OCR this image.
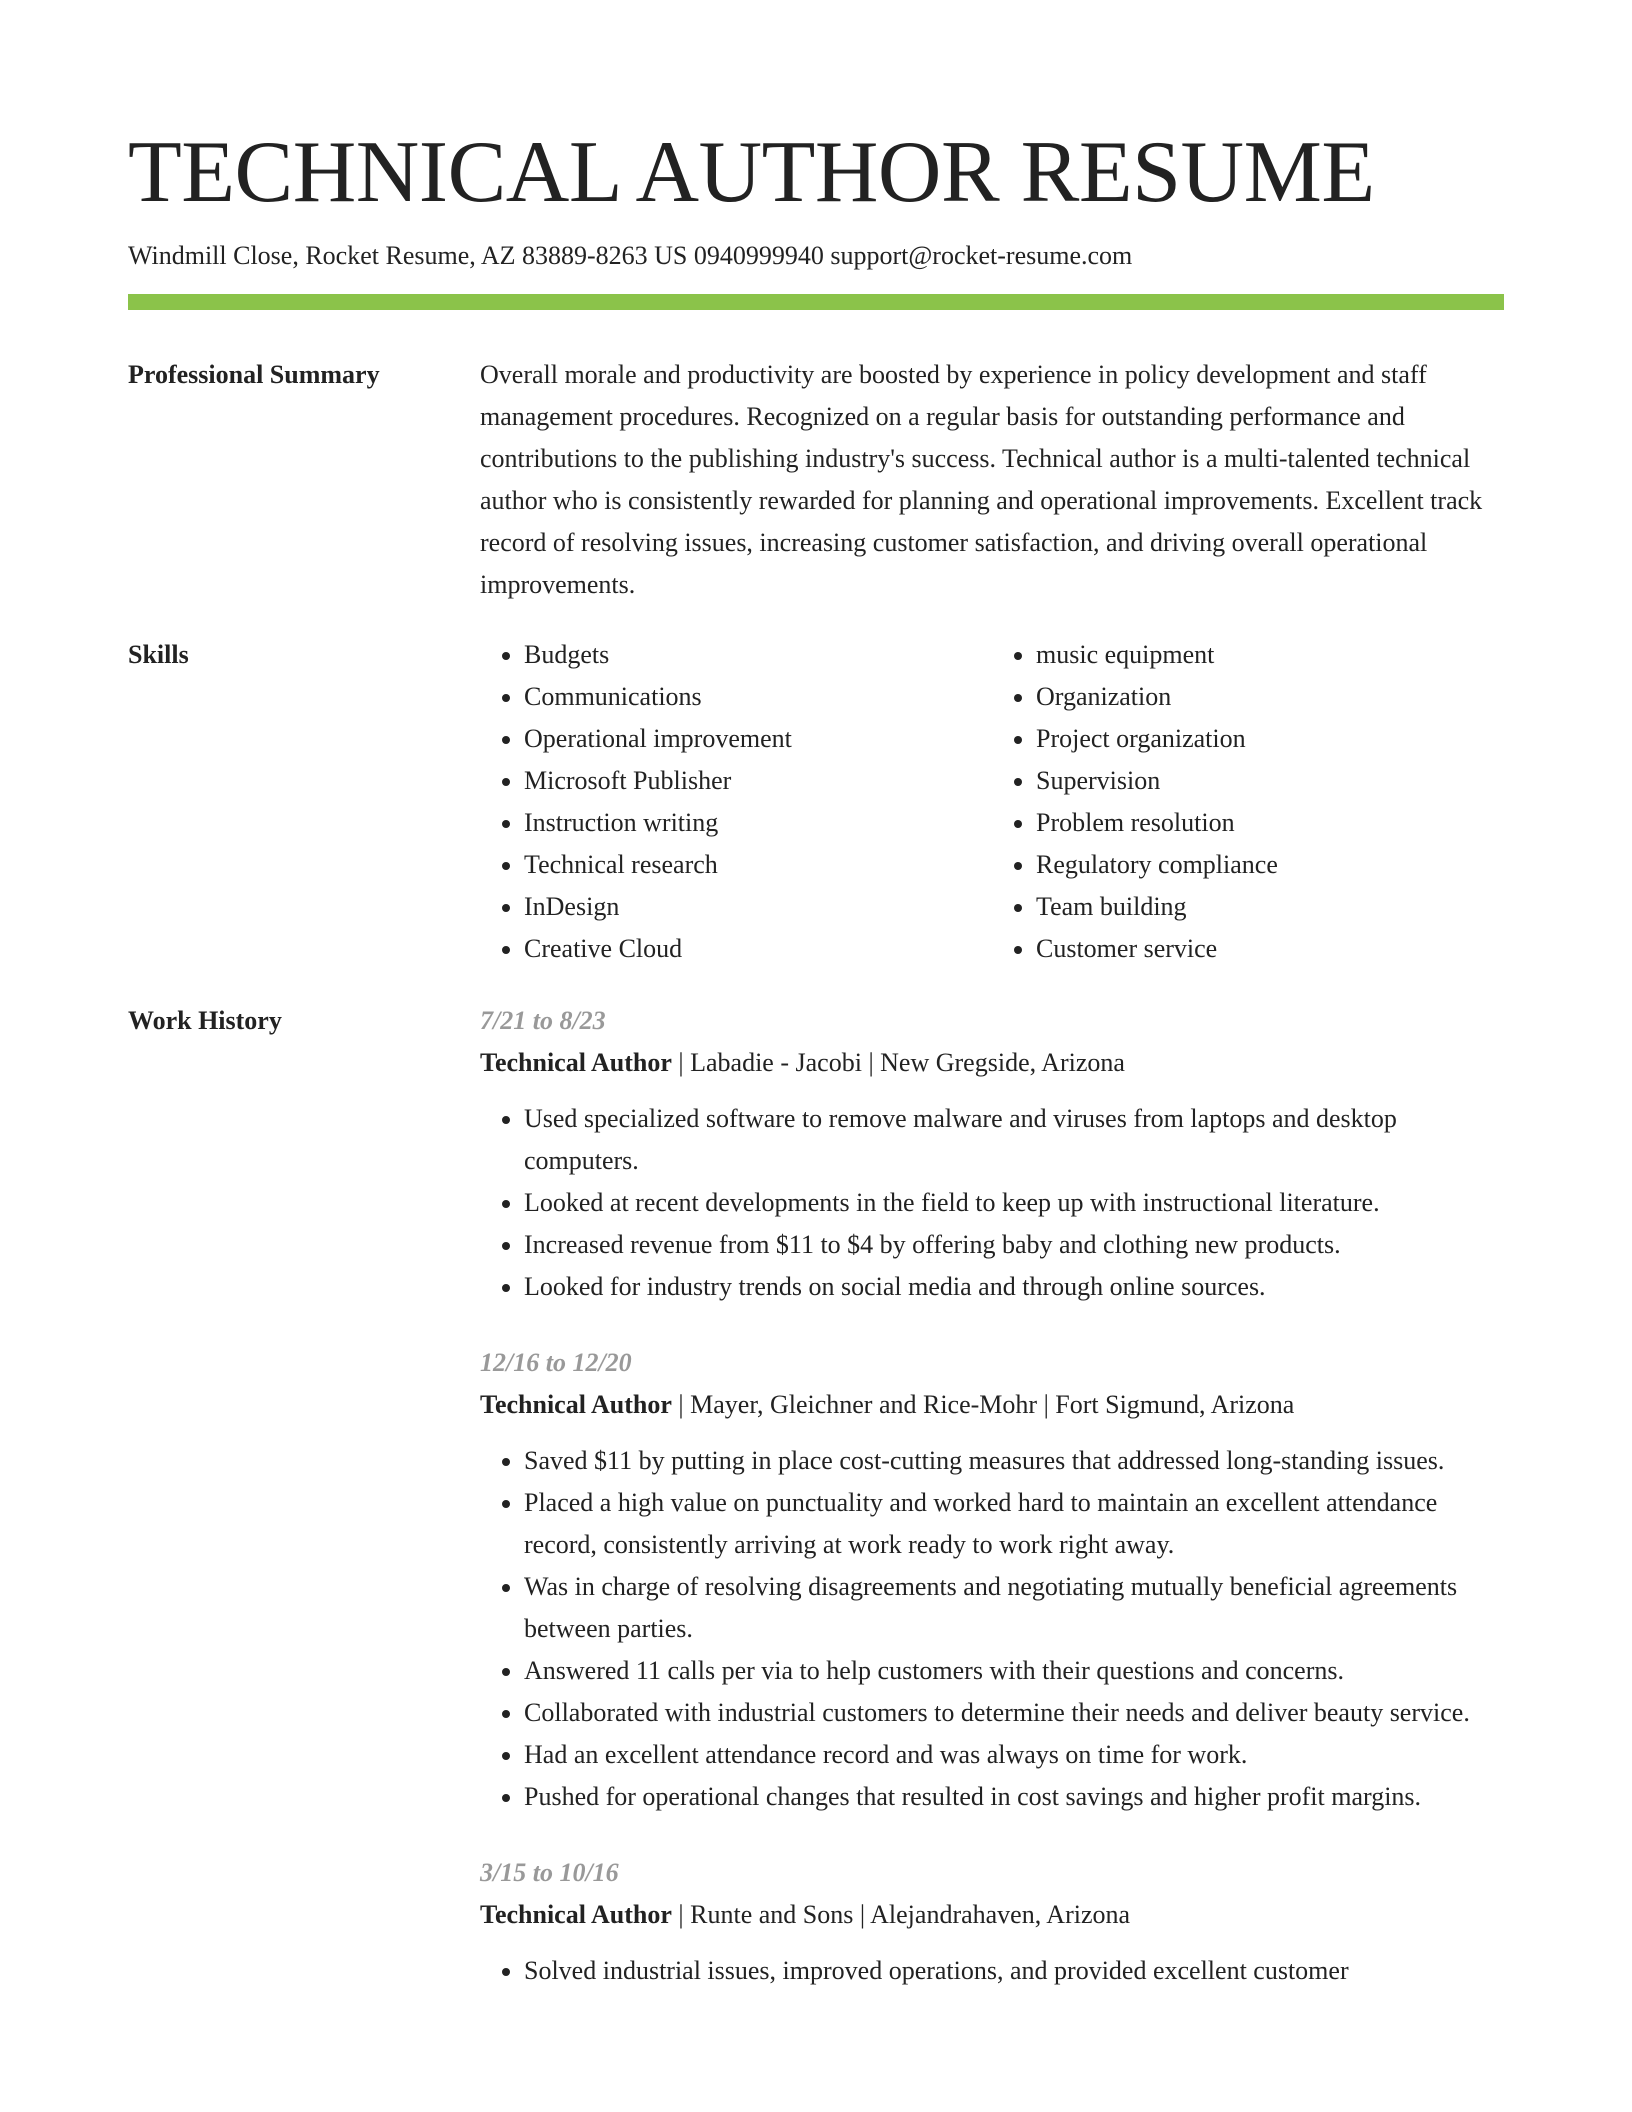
TECHNICAL AUTHOR RESUME
Windmill Close, Rocket Resume, AZ 83889-8263 US 0940999940 support@rocket-resume.com
Professional Summary	Overall morale and productivity are boosted by experience in policy development and staff management procedures. Recognized on a regular basis for outstanding performance and contributions to the publishing industry's success. Technical author is a multi-talented technical author who is consistently rewarded for planning and operational improvements. Excellent track record of resolving issues, increasing customer satisfaction, and driving overall operational improvements.
Skills
•	Budgets
• Communications
• Operational improvement
• Microsoft Publisher
• Instruction writing
• Technical research
• InDesign
• Creative Cloud
• music equipment
• Organization
• Project organization
• Supervision
• Problem resolution
• Regulatory compliance
• Team building
• Customer service
Work History	7/21 to 8/23
Technical Author | Labadie - Jacobi | New Gregside, Arizona
• Used specialized software to remove malware and viruses from laptops and desktop computers.
• Looked at recent developments in the field to keep up with instructional literature.
• Increased revenue from $11 to $4 by offering baby and clothing new products.
• Looked for industry trends on social media and through online sources.
12/16 to 12/20
Technical Author | Mayer, Gleichner and Rice-Mohr | Fort Sigmund, Arizona
• Saved $11 by putting in place cost-cutting measures that addressed long-standing issues.
• Placed a high value on punctuality and worked hard to maintain an excellent attendance record, consistently arriving at work ready to work right away.
• Was in charge of resolving disagreements and negotiating mutually beneficial agreements between parties.
• Answered 11 calls per via to help customers with their questions and concerns.
• Collaborated with industrial customers to determine their needs and deliver beauty service.
• Had an excellent attendance record and was always on time for work.
• Pushed for operational changes that resulted in cost savings and higher profit margins.
3/15 to 10/16
Technical Author | Runte and Sons | Alejandrahaven, Arizona
• Solved industrial issues, improved operations, and provided excellent customer
